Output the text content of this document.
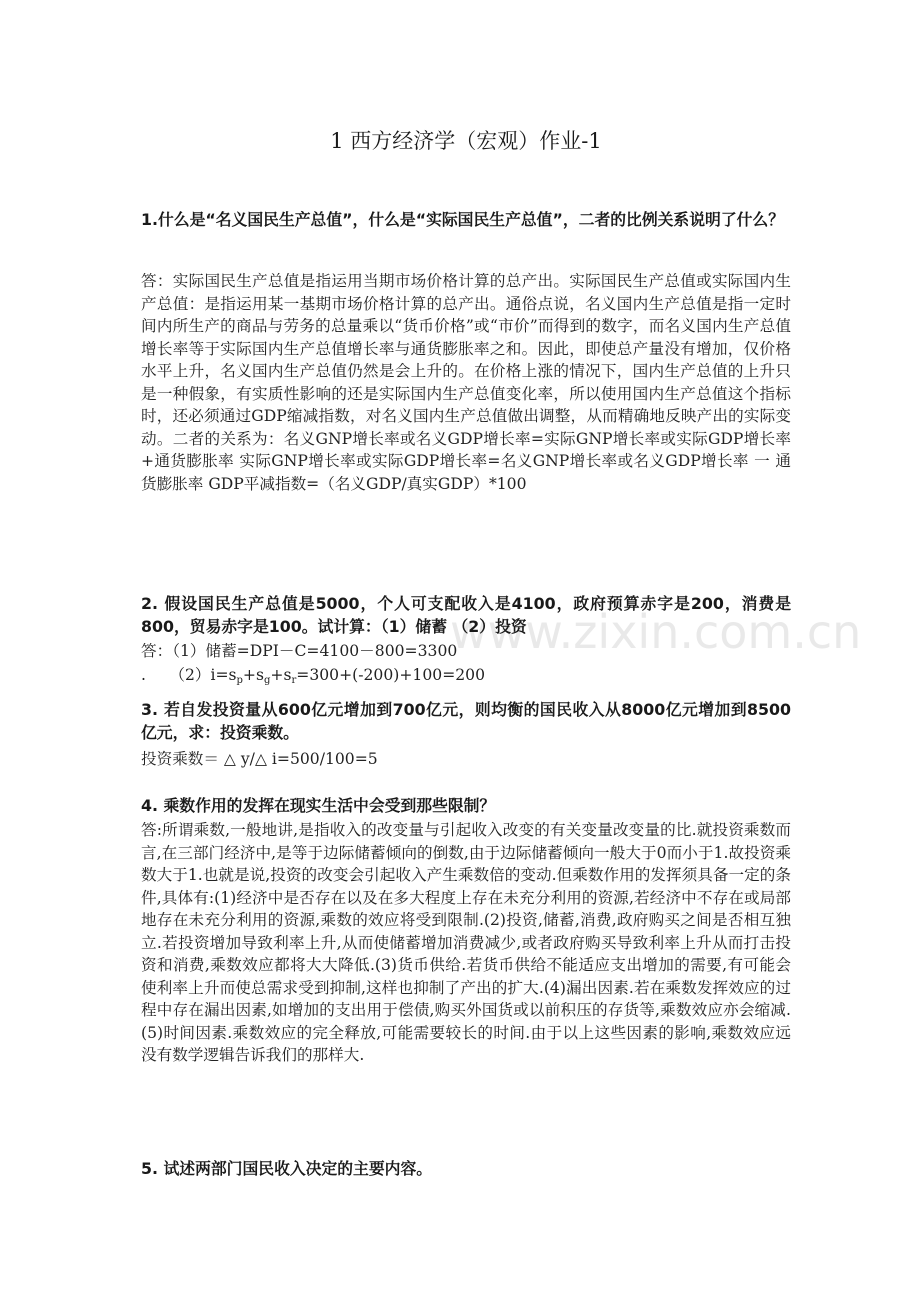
www.zixin.com.cn
1 西方经济学（宏观）作业-1

1.什么是“名义国民生产总值”，什么是“实际国民生产总值”，二者的比例关系说明了什么？

答：实际国民生产总值是指运用当期市场价格计算的总产出。实际国民生产总值或实际国内生产总值：是指运用某一基期市场价格计算的总产出。通俗点说，名义国内生产总值是指一定时间内所生产的商品与劳务的总量乘以“货币价格”或“市价”而得到的数字，而名义国内生产总值增长率等于实际国内生产总值增长率与通货膨胀率之和。因此，即使总产量没有增加，仅价格水平上升，名义国内生产总值仍然是会上升的。在价格上涨的情况下，国内生产总值的上升只是一种假象，有实质性影响的还是实际国内生产总值变化率，所以使用国内生产总值这个指标时，还必须通过GDP缩减指数，对名义国内生产总值做出调整，从而精确地反映产出的实际变动。二者的关系为：名义GNP增长率或名义GDP增长率=实际GNP增长率或实际GDP增长率+通货膨胀率 实际GNP增长率或实际GDP增长率=名义GNP增长率或名义GDP增长率 一 通货膨胀率 GDP平减指数=（名义GDP/真实GDP）*100

2. 假设国民生产总值是5000，个人可支配收入是4100，政府预算赤字是200，消费是800，贸易赤字是100。试计算：（1）储蓄 （2）投资

答：（1）储蓄=DPI－C=4100－800=3300
.　　$(2)i=s_p+s_g+s_r=300+(-200)+100=200$

3. 若自发投资量从600亿元增加到700亿元，则均衡的国民收入从8000亿元增加到8500亿元，求：投资乘数。

投资乘数＝ △ y/△ i=500/100=5

4. 乘数作用的发挥在现实生活中会受到那些限制？

答:所谓乘数,一般地讲,是指收入的改变量与引起收入改变的有关变量改变量的比.就投资乘数而言,在三部门经济中,是等于边际储蓄倾向的倒数,由于边际储蓄倾向一般大于0而小于1.故投资乘数大于1.也就是说,投资的改变会引起收入产生乘数倍的变动.但乘数作用的发挥须具备一定的条件,具体有:(1)经济中是否存在以及在多大程度上存在未充分利用的资源,若经济中不存在或局部地存在未充分利用的资源,乘数的效应将受到限制.(2)投资,储蓄,消费,政府购买之间是否相互独立.若投资增加导致利率上升,从而使储蓄增加消费减少,或者政府购买导致利率上升从而打击投资和消费,乘数效应都将大大降低.(3)货币供给.若货币供给不能适应支出增加的需要,有可能会使利率上升而使总需求受到抑制,这样也抑制了产出的扩大.(4)漏出因素.若在乘数发挥效应的过程中存在漏出因素,如增加的支出用于偿债,购买外国货或以前积压的存货等,乘数效应亦会缩减.(5)时间因素.乘数效应的完全释放,可能需要较长的时间.由于以上这些因素的影响,乘数效应远没有数学逻辑告诉我们的那样大.

5. 试述两部门国民收入决定的主要内容。
